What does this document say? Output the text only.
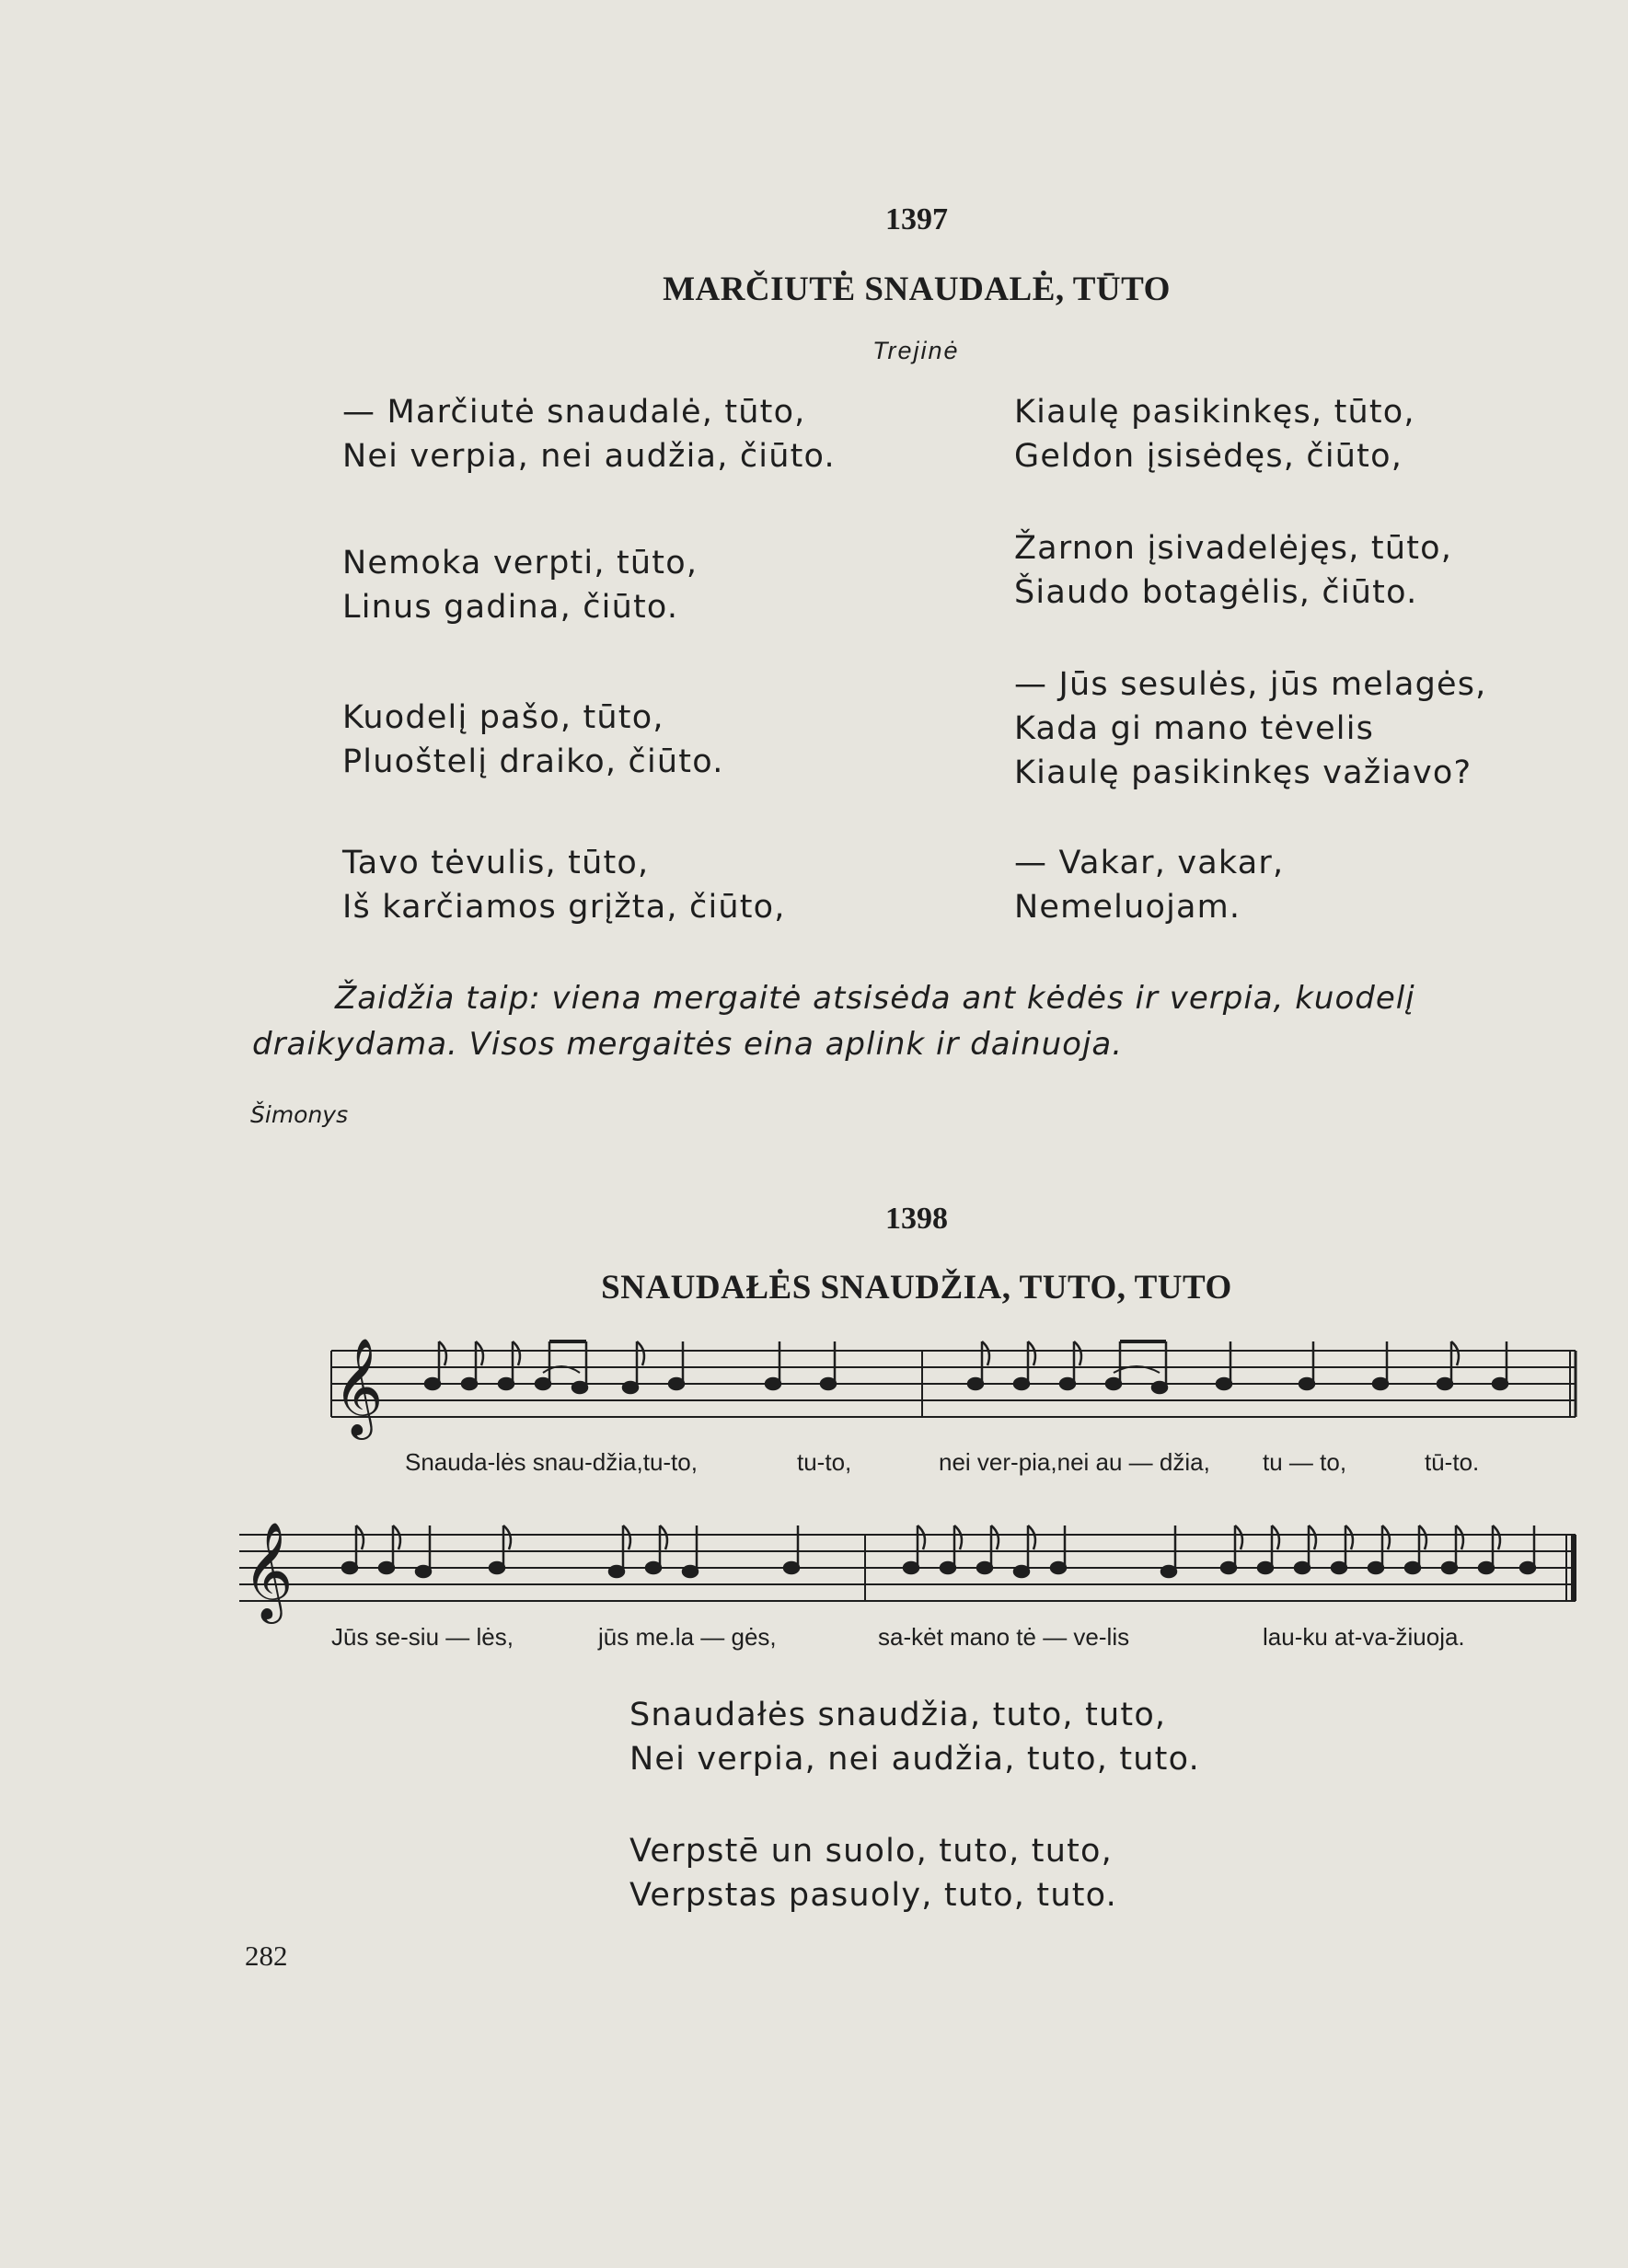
1397
MARČIUTĖ SNAUDALĖ, TŪTO
Trejinė
— Marčiutė snaudalė, tūto,
Nei verpia, nei audžia, čiūto.
Nemoka verpti, tūto,
Linus gadina, čiūto.
Kuodelį pašo, tūto,
Pluoštelį draiko, čiūto.
Tavo tėvulis, tūto,
Iš karčiamos grįžta, čiūto,
Kiaulę pasikinkęs, tūto,
Geldon įsisėdęs, čiūto,
Žarnon įsivadelėjęs, tūto,
Šiaudo botagėlis, čiūto.
— Jūs sesulės, jūs melagės,
Kada gi mano tėvelis
Kiaulę pasikinkęs važiavo?
— Vakar, vakar,
Nemeluojam.
Žaidžia taip: viena mergaitė atsisėda ant kėdės ir verpia, kuodelį
draikydama. Visos mergaitės eina aplink ir dainuoja.
Šimonys
1398
SNAUDAŁĖS SNAUDŽIA, TUTO, TUTO
𝄞
Snauda-lės snau-džia,tu-to,	tu-to,	nei ver-pia,nei au — džia, tu — to,	tū-to.
𝄞
Jūs se-siu — lės,	jūs me.la — gės,	sa-kėt mano tė — ve-lis	lau-ku at-va-žiuoja.
Snaudałės snaudžia, tuto, tuto,
Nei verpia, nei audžia, tuto, tuto.
Verpstē un suolo, tuto, tuto,
Verpstas pasuoly, tuto, tuto.
282
